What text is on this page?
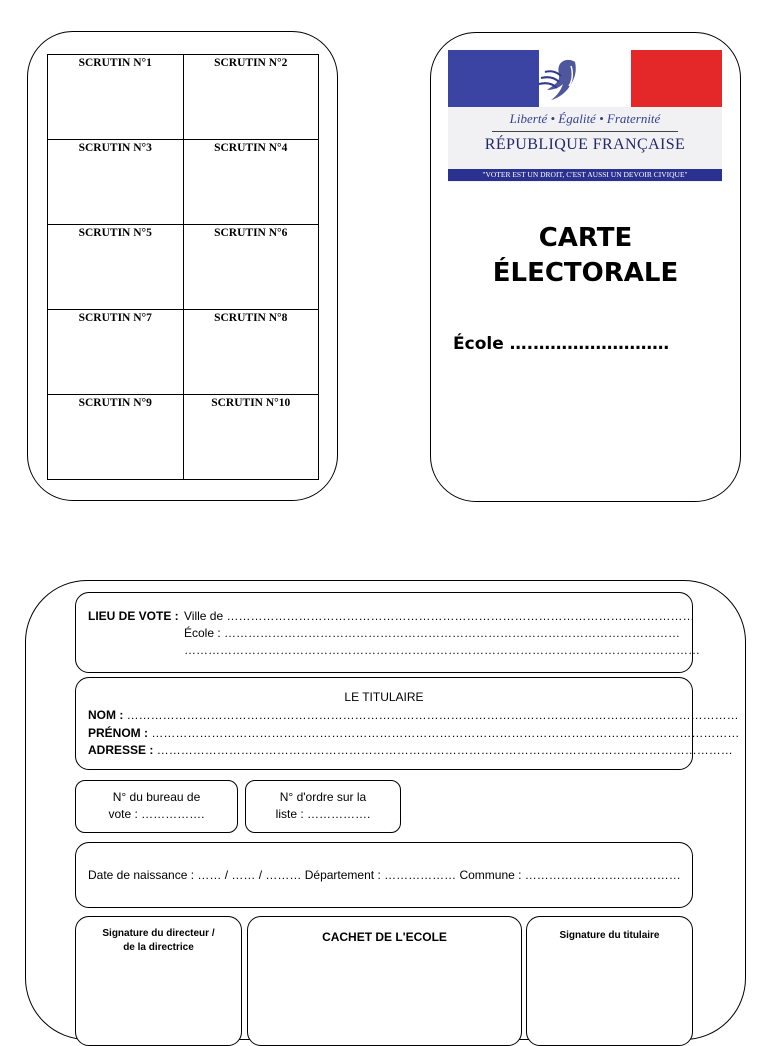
SCRUTIN N°1	SCRUTIN N°2
SCRUTIN N°3	SCRUTIN N°4
SCRUTIN N°5	SCRUTIN N°6
SCRUTIN N°7	SCRUTIN N°8
SCRUTIN N°9	SCRUTIN N°10
Liberté • Égalité • Fraternité
RÉPUBLIQUE FRANÇAISE
"VOTER EST UN DROIT, C'EST AUSSI UN DEVOIR CIVIQUE"
CARTE
ÉLECTORALE
École ….……………………
LIEU DE VOTE : Ville de ………………………………………………………………………………………………………
École : ……………………………………………………………………………………………………
…………………………………………………………………………………………………………………
LE TITULAIRE
NOM : ………………………………………………………………………………………………………………………………………
PRÉNOM : …………………………………………………………………………………………………………………………………
ADRESSE : ………………………………………………………………………………………………………………………………
N° du bureau de
vote : …………….
N° d'ordre sur la
liste : …………….
Date de naissance : …… / …… / ……… Département : ……………… Commune : …………………………………
Signature du directeur /
de la directrice
CACHET DE L'ECOLE	Signature du titulaire
